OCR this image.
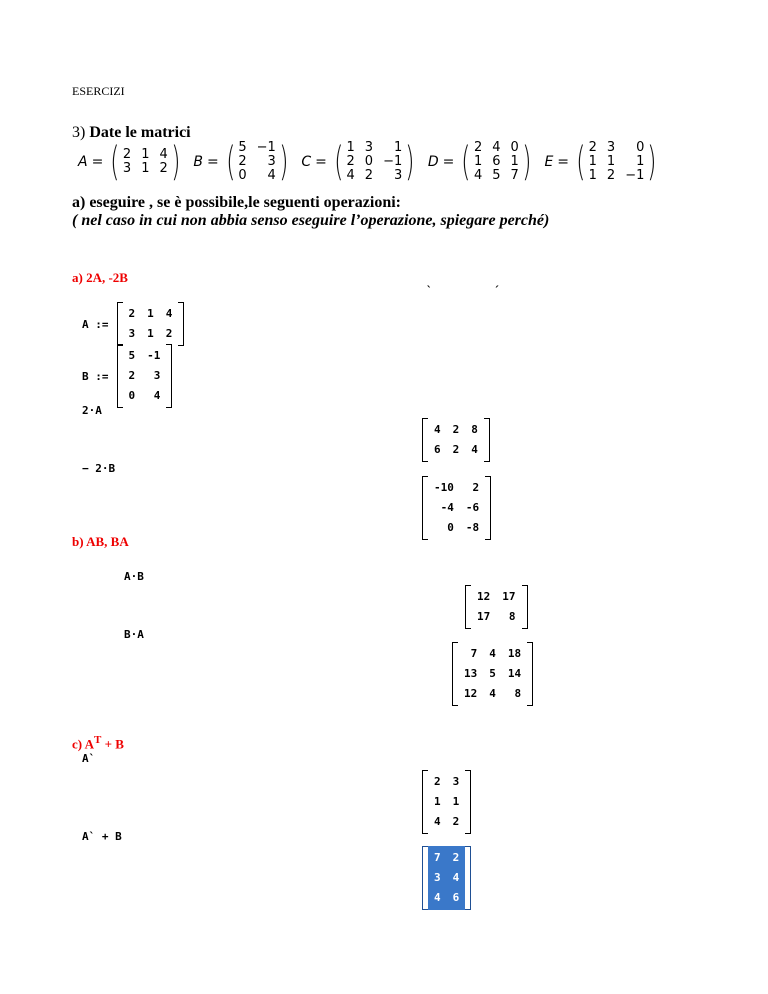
ESERCIZI
3) Date le matrici
A = ( 2 1 4
3 1 2 ) B = ( 5 −1
2	3
0	4 ) C = ( 1 3	1
2 0 −1
4 2	3 ) D = ( 2 4 0
1 6 1
4 5 7 ) E = ( 2 3	0
1 1	1
1 2 −1 )
a) eseguire , se è possibile,le seguenti operazioni:
( nel caso in cui non abbia senso eseguire l’operazione, spiegare perché)
a) 2A, -2B
`	´
A :=
2 1 4
3 1 2
B :=
5 -1
2	3
0	4
2·A
4 2 8
6 2 4
− 2·B
-10	2
-4 -6
0 -8
b) AB, BA
A·B
12 17
17	8
B·A
7 4 18
13 5 14
12 4	8
c) $A^T + B$
A`
2 3
1 1
4 2
A` + B
7 2
3 4
4 6
